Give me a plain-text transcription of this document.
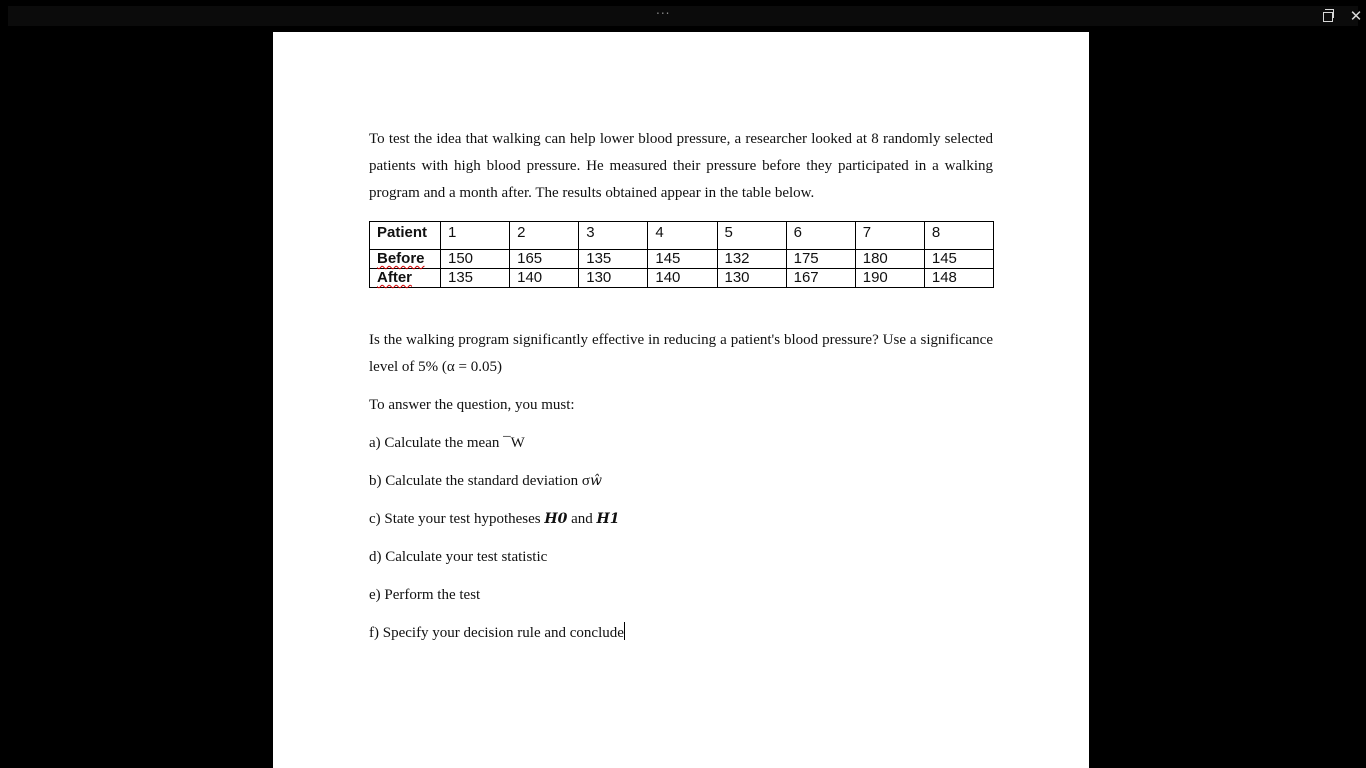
...	✕

To test the idea that walking can help lower blood pressure, a researcher looked at 8 randomly selected patients with high blood pressure. He measured their pressure before they participated in a walking program and a month after. The results obtained appear in the table below.

Patient	1	2	3	4	5	6	7	8
Before	150	165	135	145	132	175	180	145
After	135	140	130	140	130	167	190	148

Is the walking program significantly effective in reducing a patient's blood pressure? Use a significance level of 5% (α = 0.05)

To answer the question, you must:

a) Calculate the mean ¯W

b) Calculate the standard deviation σŵ

c) State your test hypotheses H0 and H1

d) Calculate your test statistic

e) Perform the test

f) Specify your decision rule and conclude
